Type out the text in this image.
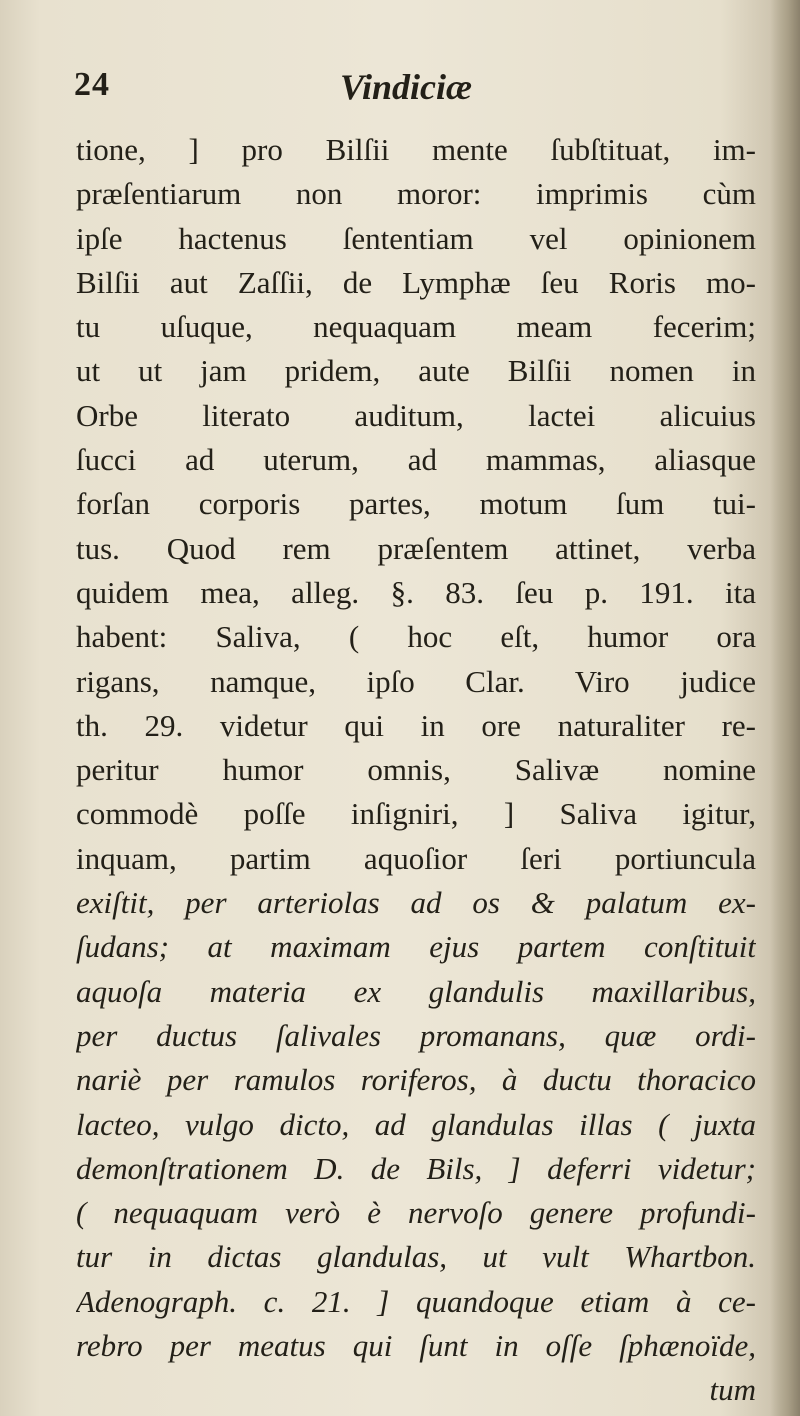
24	Vindiciæ
tione, ] pro Bilſii mente ſubſtituat, im-
præſentiarum non moror: imprimis cùm
ipſe hactenus ſententiam vel opinionem
Bilſii aut Zaſſii, de Lymphæ ſeu Roris mo-
tu uſuque, nequaquam meam fecerim;
ut ut jam pridem, aute Bilſii nomen in
Orbe literato auditum, lactei alicuius
ſucci ad uterum, ad mammas, aliasque
forſan corporis partes, motum ſum tui-
tus. Quod rem præſentem attinet, verba
quidem mea, alleg. §. 83. ſeu p. 191. ita
habent: Saliva, ( hoc eſt, humor ora
rigans, namque, ipſo Clar. Viro judice
th. 29. videtur qui in ore naturaliter re-
peritur humor omnis, Salivæ nomine
commodè poſſe inſigniri, ] Saliva igitur,
inquam, partim aquoſior ſeri portiuncula
exiſtit, per arteriolas ad os & palatum ex-
ſudans; at maximam ejus partem conſtituit
aquoſa materia ex glandulis maxillaribus,
per ductus ſalivales promanans, quæ ordi-
nariè per ramulos roriferos, à ductu thoracico
lacteo, vulgo dicto, ad glandulas illas ( juxta
demonſtrationem D. de Bils, ] deferri videtur;
( nequaquam verò è nervoſo genere profundi-
tur in dictas glandulas, ut vult Whartbon.
Adenograph. c. 21. ] quandoque etiam à ce-
rebro per meatus qui ſunt in oſſe ſphænoïde,
tum
